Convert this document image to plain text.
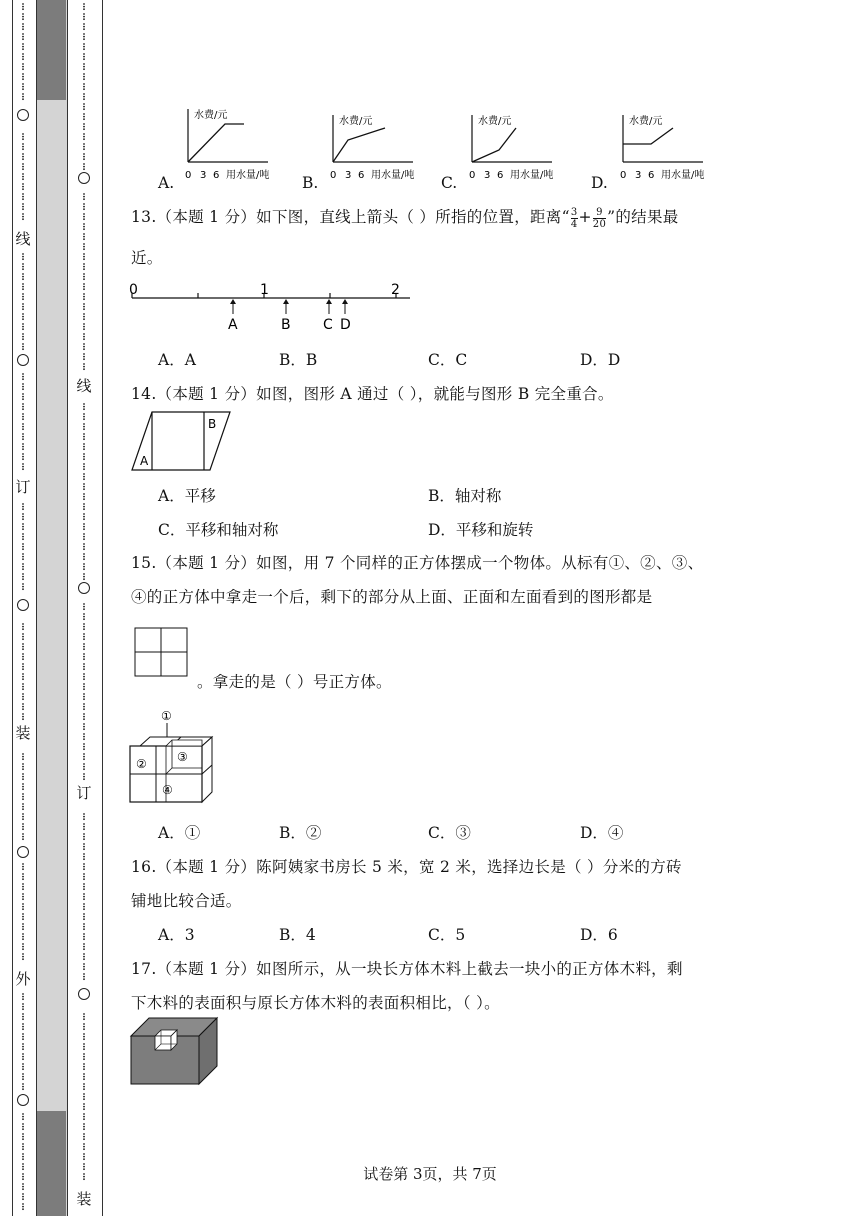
线
订
装
外
线
订
装
A.	B.	C.	D.
水费/元
0 3 6 用水量/吨
水费/元
0 3 6 用水量/吨
水费/元
0 3 6 用水量/吨
水费/元
0 3 6 用水量/吨
13.（本题 1 分）如下图，直线上箭头（ ）所指的位置，距离“ $\frac{3}{4} + \frac{9}{20}$ ”的结果最
近。
0	1	2
A	B C D
A．A	B．B	C．C	D．D
14.（本题 1 分）如图，图形 A 通过（ ），就能与图形 B 完全重合。
A
B
A．平移	B．轴对称
C．平移和轴对称	D．平移和旋转
15.（本题 1 分）如图，用 7 个同样的正方体摆成一个物体。从标有①、②、③、
④的正方体中拿走一个后，剩下的部分从上面、正面和左面看到的图形都是
。拿走的是（ ）号正方体。
①
②	③
④
A．①	B．②	C．③	D．④
16.（本题 1 分）陈阿姨家书房长 5 米，宽 2 米，选择边长是（ ）分米的方砖
铺地比较合适。
A．3	B．4	C．5	D．6
17.（本题 1 分）如图所示，从一块长方体木料上截去一块小的正方体木料，剩
下木料的表面积与原长方体木料的表面积相比，（ ）。
试卷第 3页，共 7页
